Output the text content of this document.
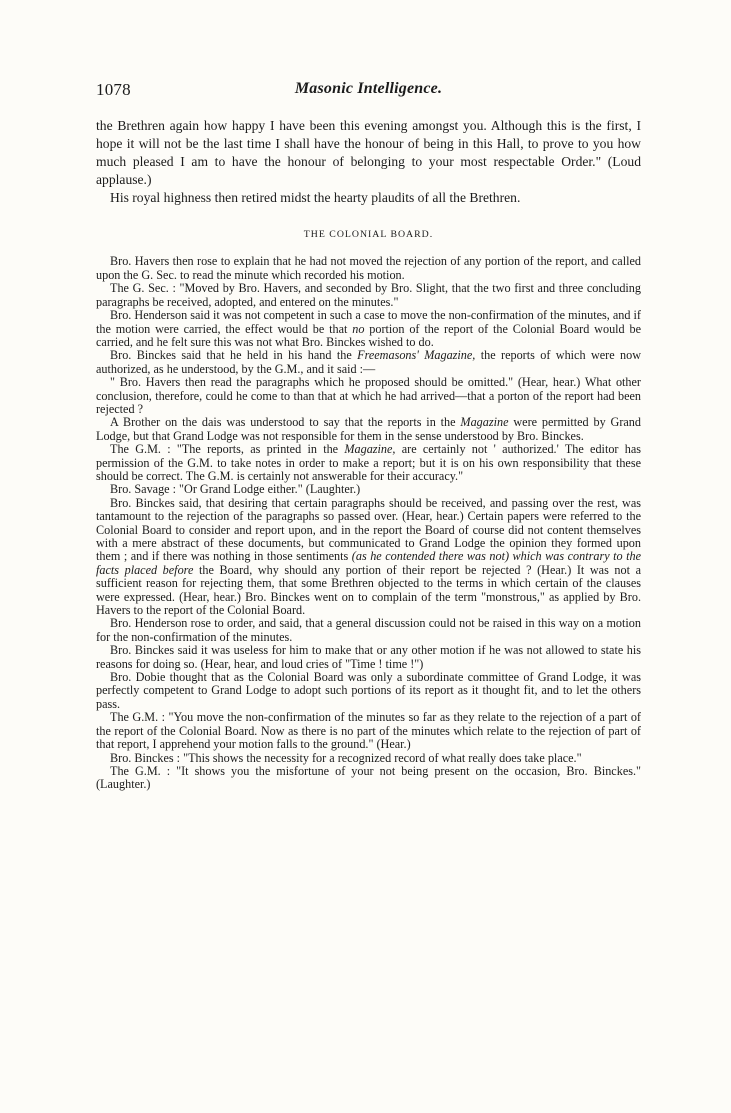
1078	Masonic Intelligence.

the Brethren again how happy I have been this evening amongst you. Although this is the first, I hope it will not be the last time I shall have the honour of being in this Hall, to prove to you how much pleased I am to have the honour of belonging to your most respectable Order." (Loud applause.)

His royal highness then retired midst the hearty plaudits of all the Brethren.

THE COLONIAL BOARD.

Bro. Havers then rose to explain that he had not moved the rejection of any portion of the report, and called upon the G. Sec. to read the minute which recorded his motion.

The G. Sec. : "Moved by Bro. Havers, and seconded by Bro. Slight, that the two first and three concluding paragraphs be received, adopted, and entered on the minutes."

Bro. Henderson said it was not competent in such a case to move the non-confirmation of the minutes, and if the motion were carried, the effect would be that no portion of the report of the Colonial Board would be carried, and he felt sure this was not what Bro. Binckes wished to do.

Bro. Binckes said that he held in his hand the Freemasons' Magazine, the reports of which were now authorized, as he understood, by the G.M., and it said :—

" Bro. Havers then read the paragraphs which he proposed should be omitted." (Hear, hear.) What other conclusion, therefore, could he come to than that at which he had arrived—that a porton of the report had been rejected ?

A Brother on the dais was understood to say that the reports in the Magazine were permitted by Grand Lodge, but that Grand Lodge was not responsible for them in the sense understood by Bro. Binckes.

The G.M. : "The reports, as printed in the Magazine, are certainly not ' authorized.' The editor has permission of the G.M. to take notes in order to make a report; but it is on his own responsibility that these should be correct. The G.M. is certainly not answerable for their accuracy."

Bro. Savage : "Or Grand Lodge either." (Laughter.)

Bro. Binckes said, that desiring that certain paragraphs should be received, and passing over the rest, was tantamount to the rejection of the paragraphs so passed over. (Hear, hear.) Certain papers were referred to the Colonial Board to consider and report upon, and in the report the Board of course did not content themselves with a mere abstract of these documents, but communicated to Grand Lodge the opinion they formed upon them ; and if there was nothing in those sentiments (as he contended there was not) which was contrary to the facts placed before the Board, why should any portion of their report be rejected ? (Hear.) It was not a sufficient reason for rejecting them, that some Brethren objected to the terms in which certain of the clauses were expressed. (Hear, hear.) Bro. Binckes went on to complain of the term "monstrous," as applied by Bro. Havers to the report of the Colonial Board.

Bro. Henderson rose to order, and said, that a general discussion could not be raised in this way on a motion for the non-confirmation of the minutes.

Bro. Binckes said it was useless for him to make that or any other motion if he was not allowed to state his reasons for doing so. (Hear, hear, and loud cries of "Time ! time !")

Bro. Dobie thought that as the Colonial Board was only a subordinate committee of Grand Lodge, it was perfectly competent to Grand Lodge to adopt such portions of its report as it thought fit, and to let the others pass.

The G.M. : "You move the non-confirmation of the minutes so far as they relate to the rejection of a part of the report of the Colonial Board. Now as there is no part of the minutes which relate to the rejection of part of that report, I apprehend your motion falls to the ground." (Hear.)

Bro. Binckes : "This shows the necessity for a recognized record of what really does take place."

The G.M. : "It shows you the misfortune of your not being present on the occasion, Bro. Binckes." (Laughter.)
